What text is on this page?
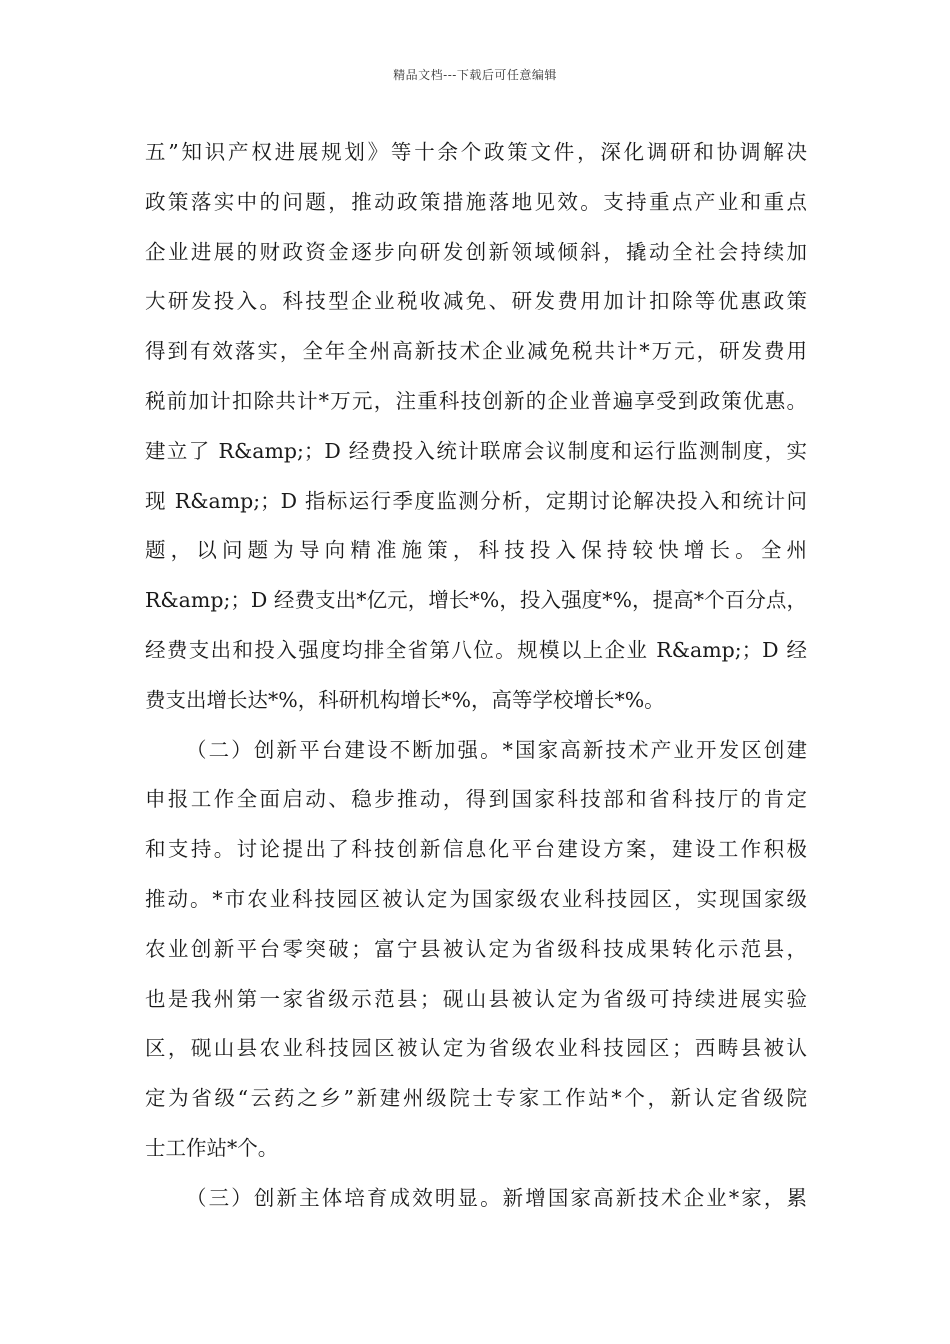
精品文档---下载后可任意编辑
五”知识产权进展规划》等十余个政策文件，深化调研和协调解决
政策落实中的问题，推动政策措施落地见效。支持重点产业和重点
企业进展的财政资金逐步向研发创新领域倾斜，撬动全社会持续加
大研发投入。科技型企业税收减免、研发费用加计扣除等优惠政策
得到有效落实，全年全州高新技术企业减免税共计*万元，研发费用
税前加计扣除共计*万元，注重科技创新的企业普遍享受到政策优惠。
建立了 R&amp;；D 经费投入统计联席会议制度和运行监测制度，实
现 R&amp;；D 指标运行季度监测分析，定期讨论解决投入和统计问
题，以问题为导向精准施策，科技投入保持较快增长。全州
R&amp;；D 经费支出*亿元，增长*%，投入强度*%，提高*个百分点，
经费支出和投入强度均排全省第八位。规模以上企业 R&amp;；D 经
费支出增长达*%，科研机构增长*%，高等学校增长*%。
（二）创新平台建设不断加强。*国家高新技术产业开发区创建
申报工作全面启动、稳步推动，得到国家科技部和省科技厅的肯定
和支持。讨论提出了科技创新信息化平台建设方案，建设工作积极
推动。*市农业科技园区被认定为国家级农业科技园区，实现国家级
农业创新平台零突破；富宁县被认定为省级科技成果转化示范县，
也是我州第一家省级示范县；砚山县被认定为省级可持续进展实验
区，砚山县农业科技园区被认定为省级农业科技园区；西畴县被认
定为省级“云药之乡”新建州级院士专家工作站*个，新认定省级院
士工作站*个。
（三）创新主体培育成效明显。新增国家高新技术企业*家，累
